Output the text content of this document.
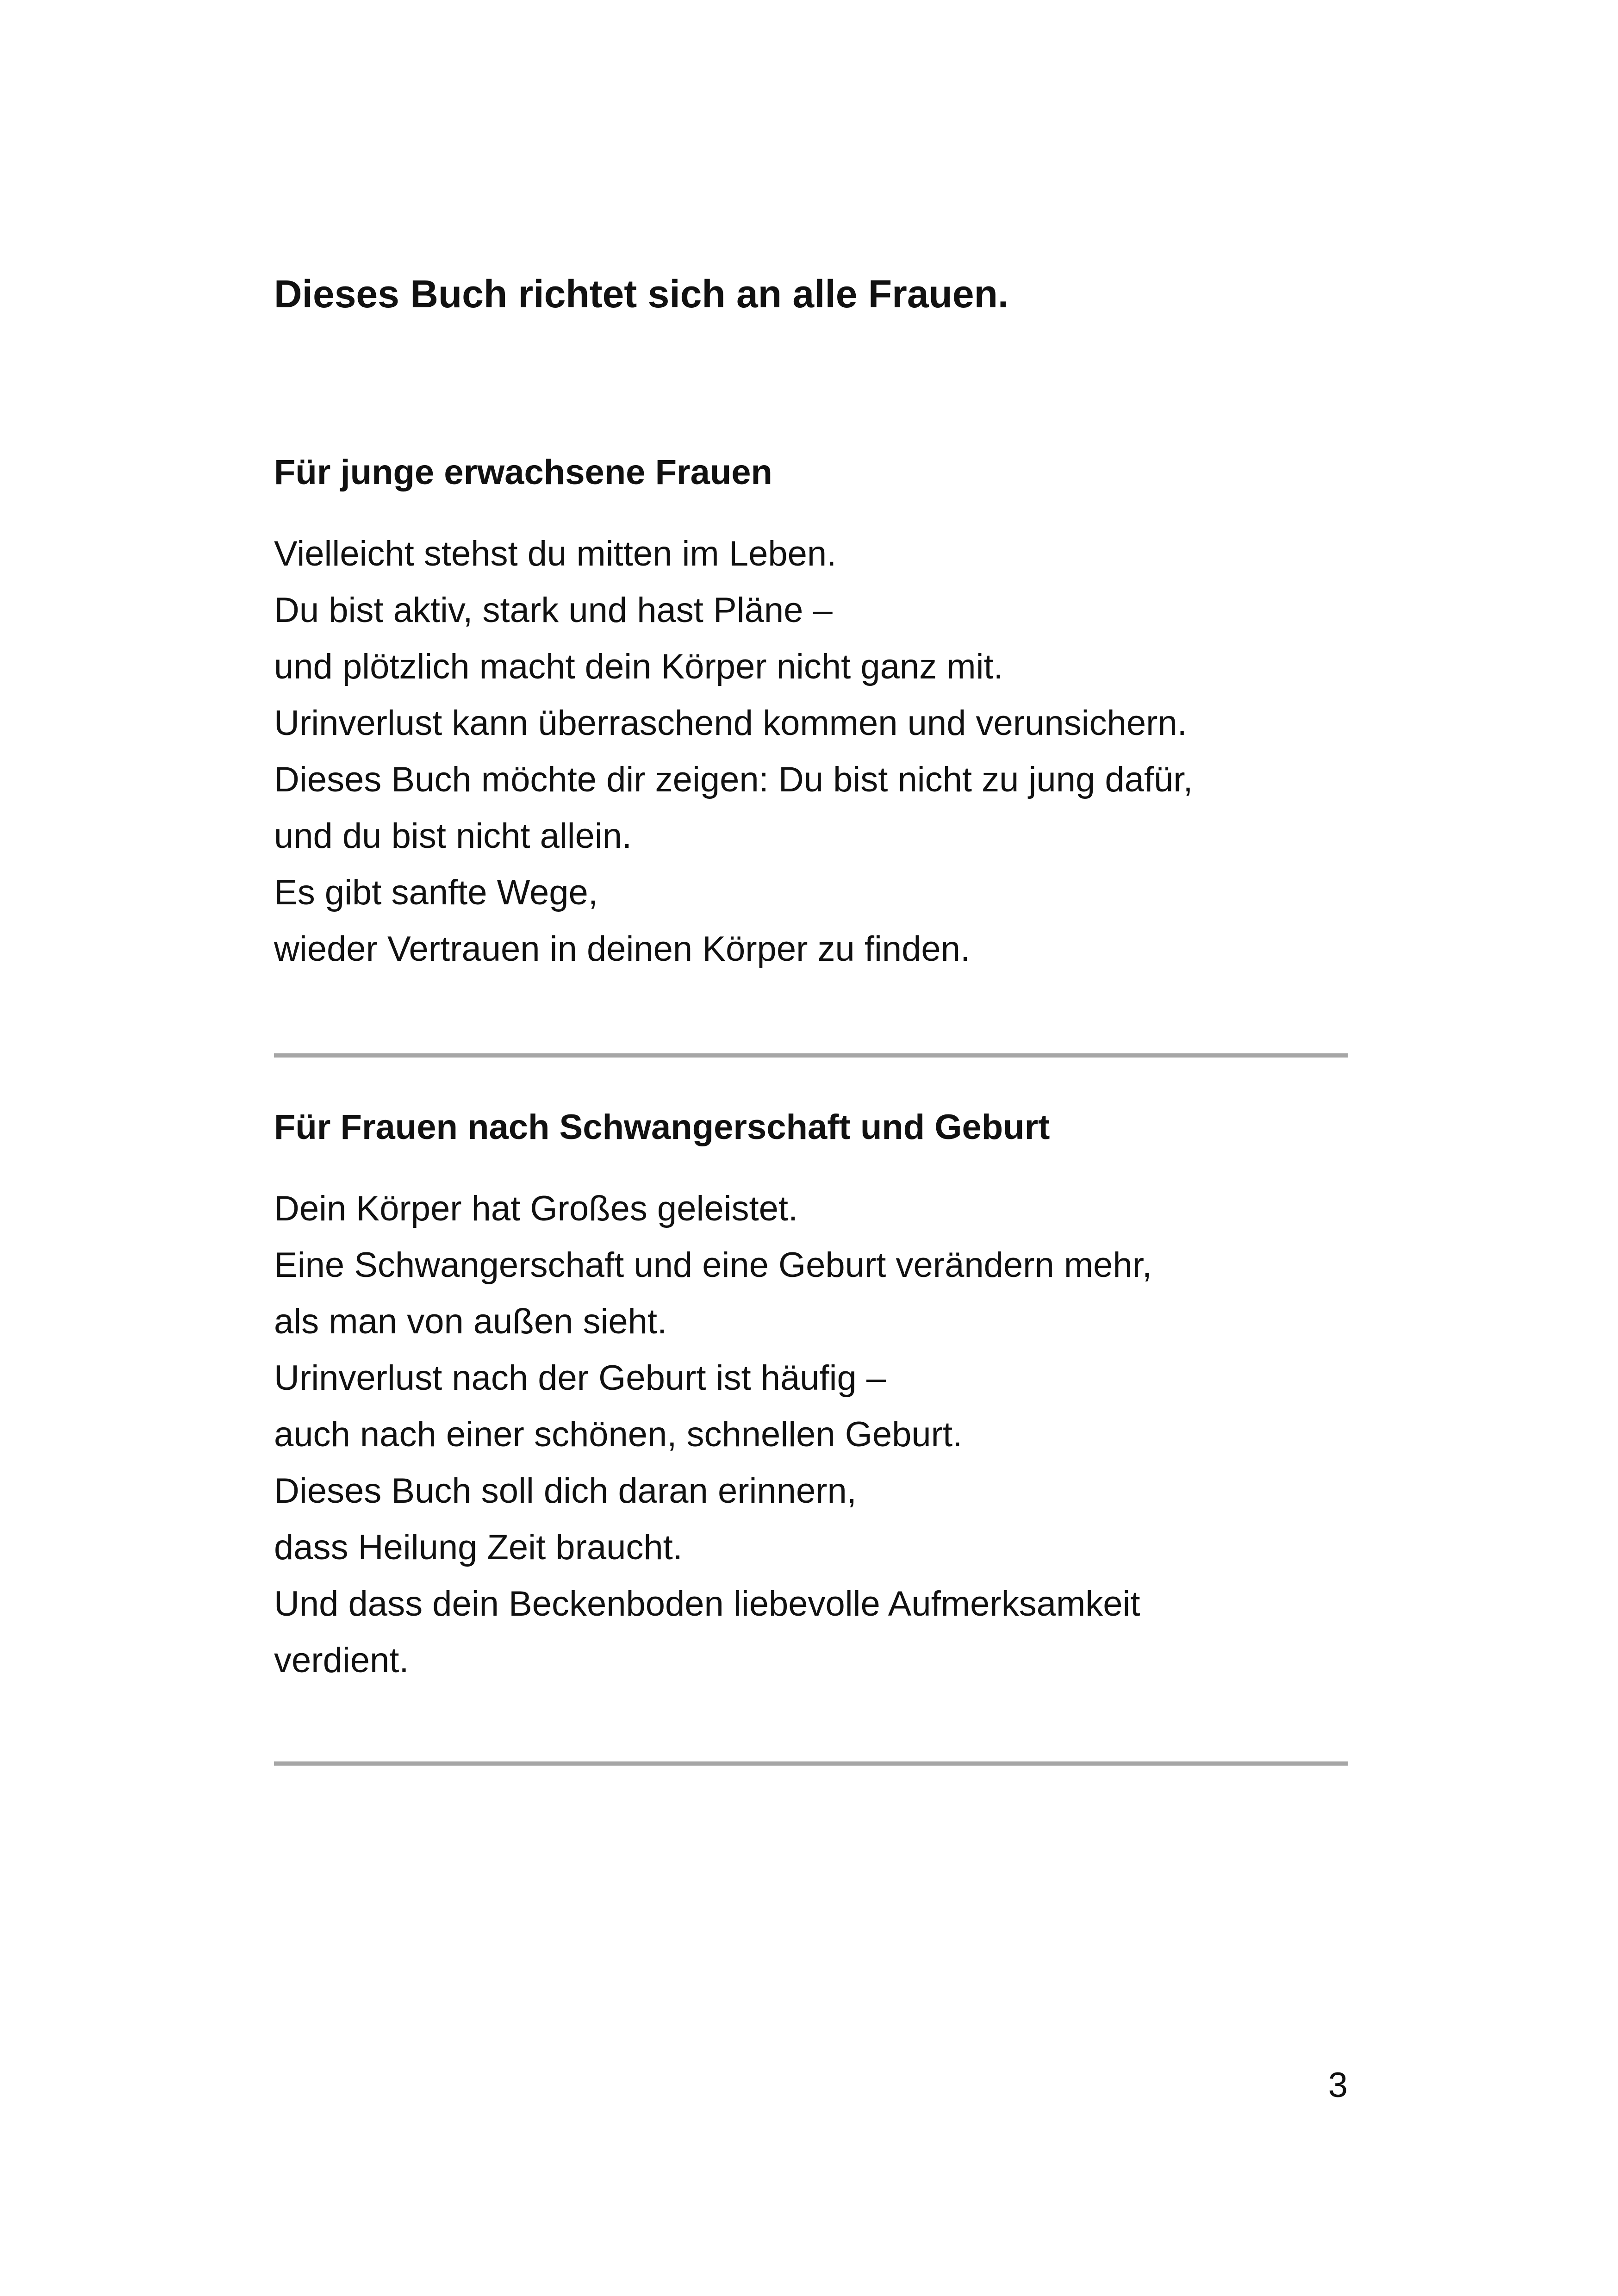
Dieses Buch richtet sich an alle Frauen.
Für junge erwachsene Frauen
Vielleicht stehst du mitten im Leben.
Du bist aktiv, stark und hast Pläne –
und plötzlich macht dein Körper nicht ganz mit.
Urinverlust kann überraschend kommen und verunsichern.
Dieses Buch möchte dir zeigen: Du bist nicht zu jung dafür,
und du bist nicht allein.
Es gibt sanfte Wege,
wieder Vertrauen in deinen Körper zu finden.
Für Frauen nach Schwangerschaft und Geburt
Dein Körper hat Großes geleistet.
Eine Schwangerschaft und eine Geburt verändern mehr,
als man von außen sieht.
Urinverlust nach der Geburt ist häufig –
auch nach einer schönen, schnellen Geburt.
Dieses Buch soll dich daran erinnern,
dass Heilung Zeit braucht.
Und dass dein Beckenboden liebevolle Aufmerksamkeit
verdient.

3
